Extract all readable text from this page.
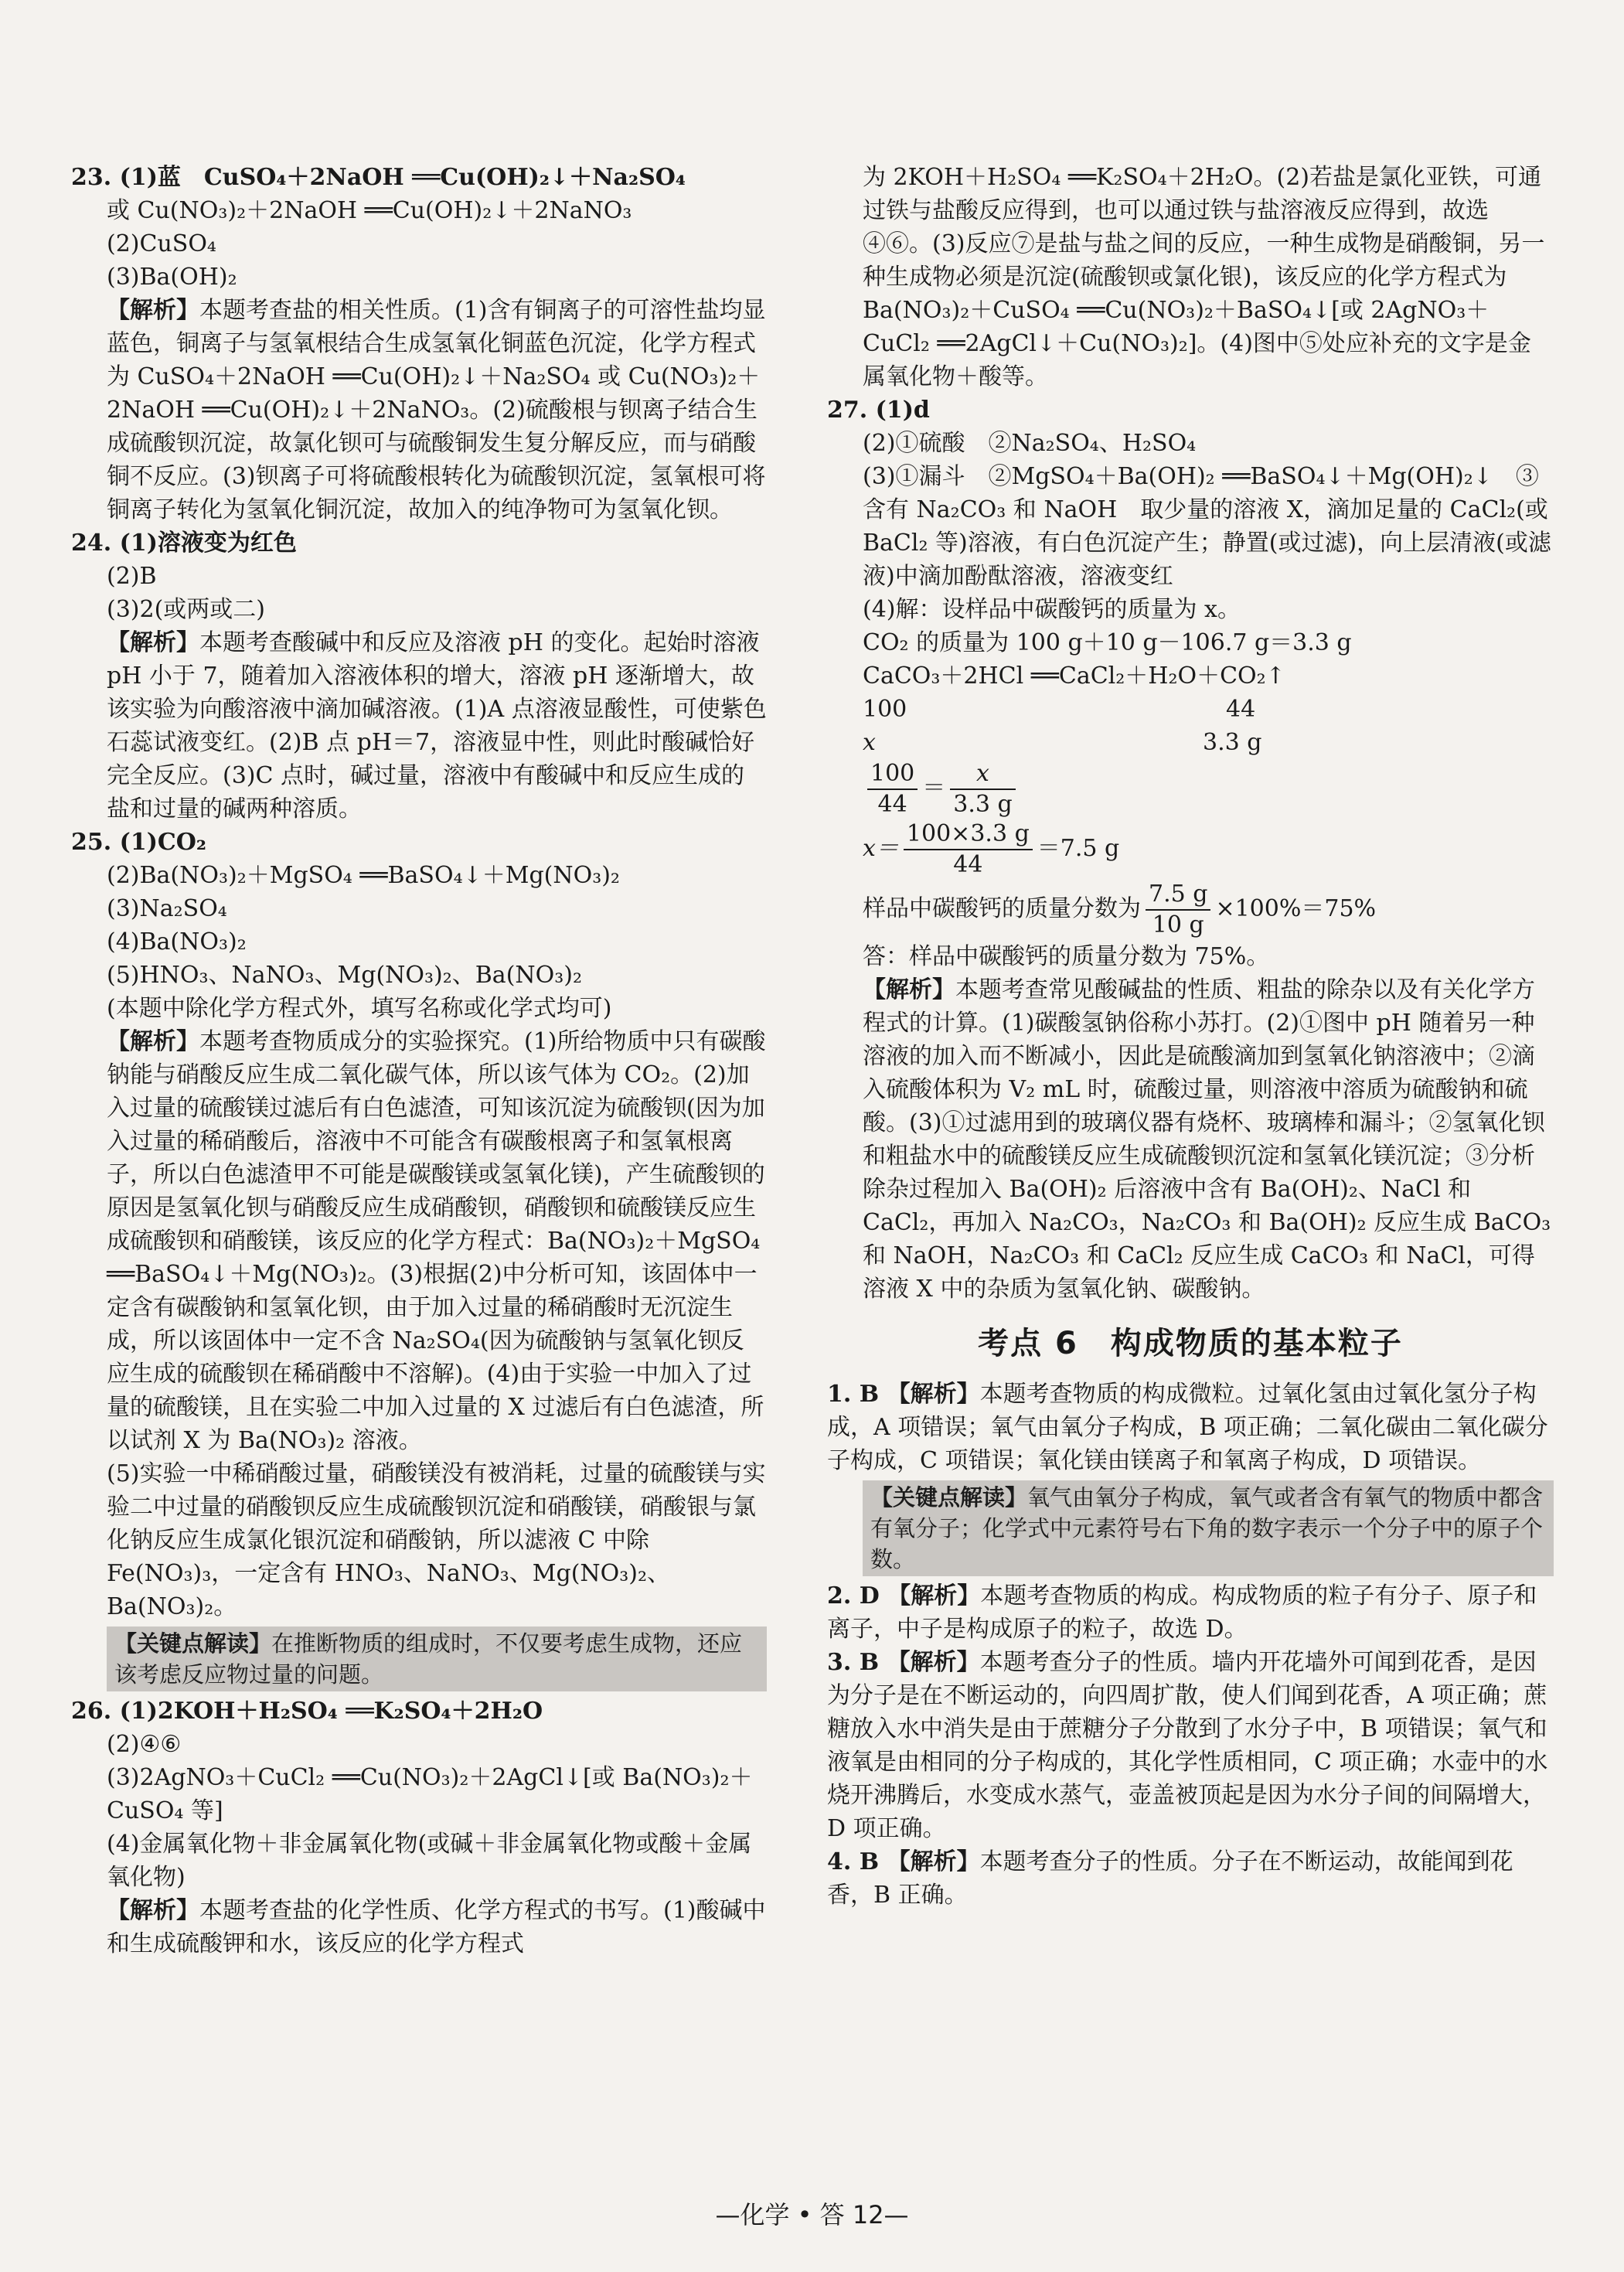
23. (1)蓝　CuSO₄＋2NaOH ══Cu(OH)₂↓＋Na₂SO₄

或 Cu(NO₃)₂＋2NaOH ══Cu(OH)₂↓＋2NaNO₃

(2)CuSO₄

(3)Ba(OH)₂

【解析】本题考查盐的相关性质。(1)含有铜离子的可溶性盐均显蓝色，铜离子与氢氧根结合生成氢氧化铜蓝色沉淀，化学方程式为 CuSO₄＋2NaOH ══Cu(OH)₂↓＋Na₂SO₄ 或 Cu(NO₃)₂＋2NaOH ══Cu(OH)₂↓＋2NaNO₃。(2)硫酸根与钡离子结合生成硫酸钡沉淀，故氯化钡可与硫酸铜发生复分解反应，而与硝酸铜不反应。(3)钡离子可将硫酸根转化为硫酸钡沉淀，氢氧根可将铜离子转化为氢氧化铜沉淀，故加入的纯净物可为氢氧化钡。

24. (1)溶液变为红色

(2)B

(3)2(或两或二)

【解析】本题考查酸碱中和反应及溶液 pH 的变化。起始时溶液 pH 小于 7，随着加入溶液体积的增大，溶液 pH 逐渐增大，故该实验为向酸溶液中滴加碱溶液。(1)A 点溶液显酸性，可使紫色石蕊试液变红。(2)B 点 pH＝7，溶液显中性，则此时酸碱恰好完全反应。(3)C 点时，碱过量，溶液中有酸碱中和反应生成的盐和过量的碱两种溶质。

25. (1)CO₂

(2)Ba(NO₃)₂＋MgSO₄ ══BaSO₄↓＋Mg(NO₃)₂

(3)Na₂SO₄

(4)Ba(NO₃)₂

(5)HNO₃、NaNO₃、Mg(NO₃)₂、Ba(NO₃)₂

(本题中除化学方程式外，填写名称或化学式均可)

【解析】本题考查物质成分的实验探究。(1)所给物质中只有碳酸钠能与硝酸反应生成二氧化碳气体，所以该气体为 CO₂。(2)加入过量的硫酸镁过滤后有白色滤渣，可知该沉淀为硫酸钡(因为加入过量的稀硝酸后，溶液中不可能含有碳酸根离子和氢氧根离子，所以白色滤渣甲不可能是碳酸镁或氢氧化镁)，产生硫酸钡的原因是氢氧化钡与硝酸反应生成硝酸钡，硝酸钡和硫酸镁反应生成硫酸钡和硝酸镁，该反应的化学方程式：Ba(NO₃)₂＋MgSO₄ ══BaSO₄↓＋Mg(NO₃)₂。(3)根据(2)中分析可知，该固体中一定含有碳酸钠和氢氧化钡，由于加入过量的稀硝酸时无沉淀生成，所以该固体中一定不含 Na₂SO₄(因为硫酸钠与氢氧化钡反应生成的硫酸钡在稀硝酸中不溶解)。(4)由于实验一中加入了过量的硫酸镁，且在实验二中加入过量的 X 过滤后有白色滤渣，所以试剂 X 为 Ba(NO₃)₂ 溶液。

(5)实验一中稀硝酸过量，硝酸镁没有被消耗，过量的硫酸镁与实验二中过量的硝酸钡反应生成硫酸钡沉淀和硝酸镁，硝酸银与氯化钠反应生成氯化银沉淀和硝酸钠，所以滤液 C 中除 Fe(NO₃)₃，一定含有 HNO₃、NaNO₃、Mg(NO₃)₂、Ba(NO₃)₂。

【关键点解读】在推断物质的组成时，不仅要考虑生成物，还应该考虑反应物过量的问题。

26. (1)2KOH＋H₂SO₄ ══K₂SO₄＋2H₂O

(2)④⑥

(3)2AgNO₃＋CuCl₂ ══Cu(NO₃)₂＋2AgCl↓[或 Ba(NO₃)₂＋CuSO₄ 等]

(4)金属氧化物＋非金属氧化物(或碱＋非金属氧化物或酸＋金属氧化物)

【解析】本题考查盐的化学性质、化学方程式的书写。(1)酸碱中和生成硫酸钾和水，该反应的化学方程式

为 2KOH＋H₂SO₄ ══K₂SO₄＋2H₂O。(2)若盐是氯化亚铁，可通过铁与盐酸反应得到，也可以通过铁与盐溶液反应得到，故选④⑥。(3)反应⑦是盐与盐之间的反应，一种生成物是硝酸铜，另一种生成物必须是沉淀(硫酸钡或氯化银)，该反应的化学方程式为 Ba(NO₃)₂＋CuSO₄ ══Cu(NO₃)₂＋BaSO₄↓[或 2AgNO₃＋CuCl₂ ══2AgCl↓＋Cu(NO₃)₂]。(4)图中⑤处应补充的文字是金属氧化物＋酸等。

27. (1)d

(2)①硫酸　②Na₂SO₄、H₂SO₄

(3)①漏斗　②MgSO₄＋Ba(OH)₂ ══BaSO₄↓＋Mg(OH)₂↓　③含有 Na₂CO₃ 和 NaOH　取少量的溶液 X，滴加足量的 CaCl₂(或 BaCl₂ 等)溶液，有白色沉淀产生；静置(或过滤)，向上层清液(或滤液)中滴加酚酞溶液，溶液变红

(4)解：设样品中碳酸钙的质量为 x。

CO₂ 的质量为 100 g＋10 g－106.7 g＝3.3 g

CaCO₃＋2HCl ══CaCl₂＋H₂O＋CO₂↑

100	44
x	3.3 g

$\frac{100}{44} = \frac{x}{3.3 g}$

$x= \frac{100\times 3.3 g}{44} =7.5$ g

样品中碳酸钙的质量分数为 $\frac{7.5 g}{10 g} \times 100\%=75\%$

答：样品中碳酸钙的质量分数为 75%。

【解析】本题考查常见酸碱盐的性质、粗盐的除杂以及有关化学方程式的计算。(1)碳酸氢钠俗称小苏打。(2)①图中 pH 随着另一种溶液的加入而不断减小，因此是硫酸滴加到氢氧化钠溶液中；②滴入硫酸体积为 V₂ mL 时，硫酸过量，则溶液中溶质为硫酸钠和硫酸。(3)①过滤用到的玻璃仪器有烧杯、玻璃棒和漏斗；②氢氧化钡和粗盐水中的硫酸镁反应生成硫酸钡沉淀和氢氧化镁沉淀；③分析除杂过程加入 Ba(OH)₂ 后溶液中含有 Ba(OH)₂、NaCl 和 CaCl₂，再加入 Na₂CO₃，Na₂CO₃ 和 Ba(OH)₂ 反应生成 BaCO₃ 和 NaOH，Na₂CO₃ 和 CaCl₂ 反应生成 CaCO₃ 和 NaCl，可得溶液 X 中的杂质为氢氧化钠、碳酸钠。

考点 6　构成物质的基本粒子

1. B 【解析】本题考查物质的构成微粒。过氧化氢由过氧化氢分子构成，A 项错误；氧气由氧分子构成，B 项正确；二氧化碳由二氧化碳分子构成，C 项错误；氧化镁由镁离子和氧离子构成，D 项错误。

【关键点解读】氧气由氧分子构成，氧气或者含有氧气的物质中都含有氧分子；化学式中元素符号右下角的数字表示一个分子中的原子个数。

2. D 【解析】本题考查物质的构成。构成物质的粒子有分子、原子和离子，中子是构成原子的粒子，故选 D。

3. B 【解析】本题考查分子的性质。墙内开花墙外可闻到花香，是因为分子是在不断运动的，向四周扩散，使人们闻到花香，A 项正确；蔗糖放入水中消失是由于蔗糖分子分散到了水分子中，B 项错误；氧气和液氧是由相同的分子构成的，其化学性质相同，C 项正确；水壶中的水烧开沸腾后，水变成水蒸气，壶盖被顶起是因为水分子间的间隔增大，D 项正确。

4. B 【解析】本题考查分子的性质。分子在不断运动，故能闻到花香，B 正确。

—化学 • 答 12—
